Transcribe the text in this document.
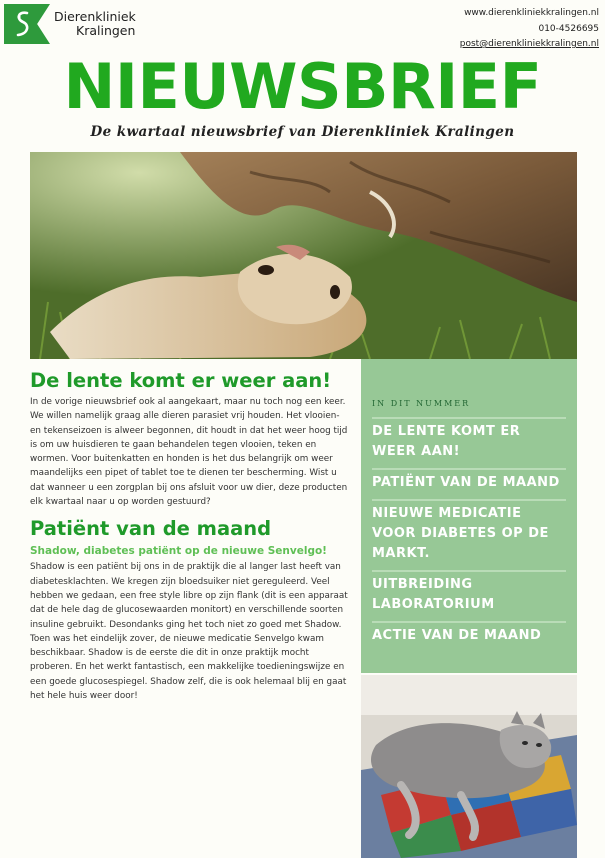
Dierenkliniek
Kralingen
www.dierenkliniekkralingen.nl
010-4526695
post@dierenkliniekkralingen.nl
NIEUWSBRIEF
De kwartaal nieuwsbrief van Dierenkliniek Kralingen
De lente komt er weer aan!

In de vorige nieuwsbrief ook al aangekaart, maar nu toch nog een keer. We willen namelijk graag alle dieren parasiet vrij houden. Het vlooien- en tekenseizoen is alweer begonnen, dit houdt in dat het weer hoog tijd is om uw huisdieren te gaan behandelen tegen vlooien, teken en wormen. Voor buitenkatten en honden is het dus belangrijk om weer maandelijks een pipet of tablet toe te dienen ter bescherming. Wist u dat wanneer u een zorgplan bij ons afsluit voor uw dier, deze producten elk kwartaal naar u op worden gestuurd?

Patiënt van de maand
Shadow, diabetes patiënt op de nieuwe Senvelgo!

Shadow is een patiënt bij ons in de praktijk die al langer last heeft van diabetesklachten. We kregen zijn bloedsuiker niet gereguleerd. Veel hebben we gedaan, een free style libre op zijn flank (dit is een apparaat dat de hele dag de glucosewaarden monitort) en verschillende soorten insuline gebruikt. Desondanks ging het toch niet zo goed met Shadow. Toen was het eindelijk zover, de nieuwe medicatie Senvelgo kwam beschikbaar. Shadow is de eerste die dit in onze praktijk mocht proberen. En het werkt fantastisch, een makkelijke toedieningswijze en een goede glucosespiegel. Shadow zelf, die is ook helemaal blij en gaat het hele huis weer door!

IN DIT NUMMER
DE LENTE KOMT ER WEER AAN!
PATIËNT VAN DE MAAND
NIEUWE MEDICATIE VOOR DIABETES OP DE MARKT.
UITBREIDING LABORATORIUM
ACTIE VAN DE MAAND
